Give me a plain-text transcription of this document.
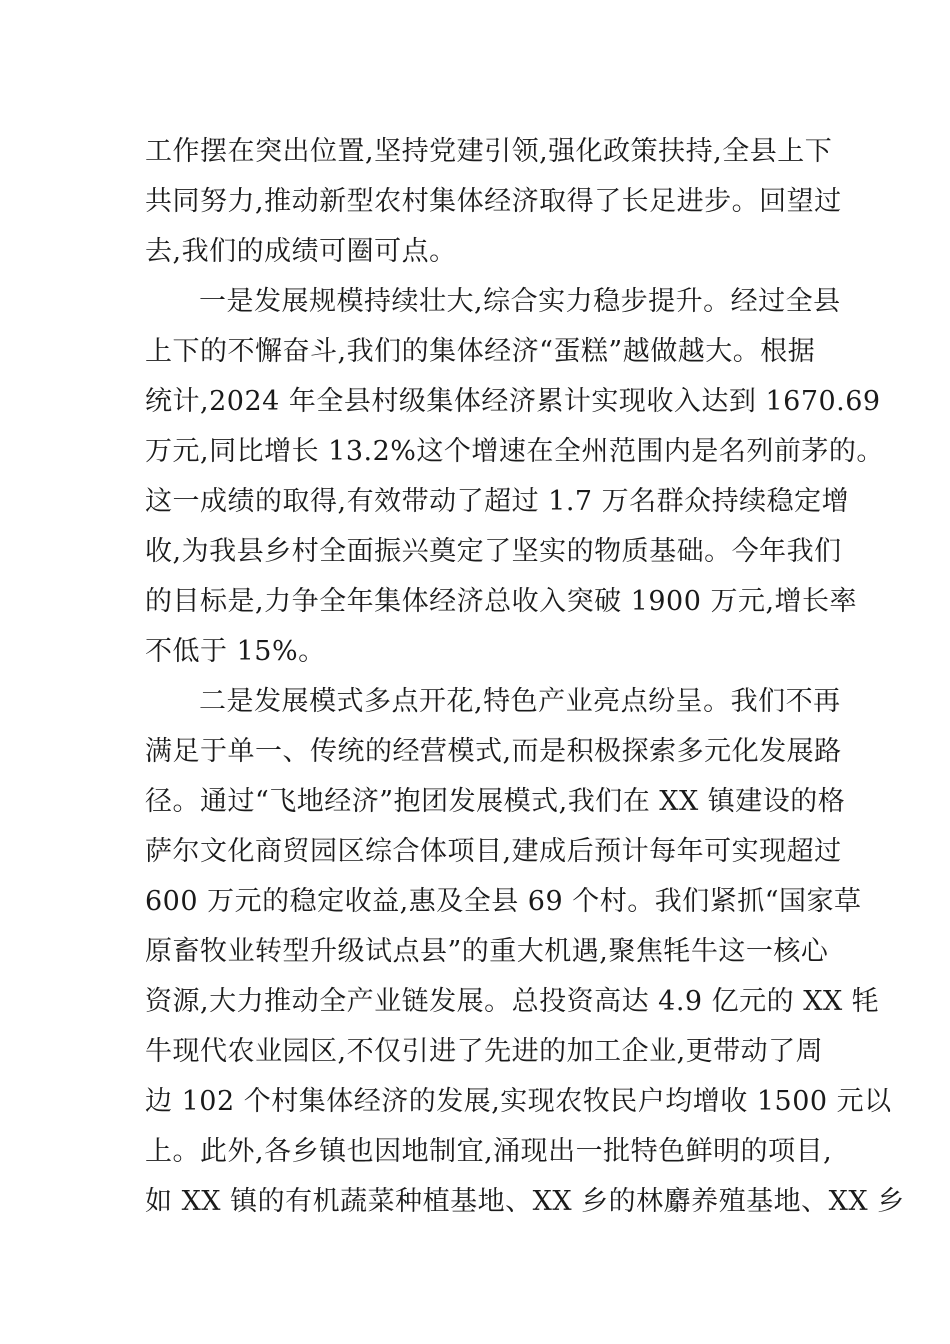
工作摆在突出位置,坚持党建引领,强化政策扶持,全县上下
共同努力,推动新型农村集体经济取得了长足进步。回望过
去,我们的成绩可圈可点。
一是发展规模持续壮大,综合实力稳步提升。经过全县
上下的不懈奋斗,我们的集体经济“蛋糕”越做越大。根据
统计,2024 年全县村级集体经济累计实现收入达到 1670.69
万元,同比增长 13.2%这个增速在全州范围内是名列前茅的。
这一成绩的取得,有效带动了超过 1.7 万名群众持续稳定增
收,为我县乡村全面振兴奠定了坚实的物质基础。今年我们
的目标是,力争全年集体经济总收入突破 1900 万元,增长率
不低于 15%。
二是发展模式多点开花,特色产业亮点纷呈。我们不再
满足于单一、传统的经营模式,而是积极探索多元化发展路
径。通过“飞地经济”抱团发展模式,我们在 XX 镇建设的格
萨尔文化商贸园区综合体项目,建成后预计每年可实现超过
600 万元的稳定收益,惠及全县 69 个村。我们紧抓“国家草
原畜牧业转型升级试点县”的重大机遇,聚焦牦牛这一核心
资源,大力推动全产业链发展。总投资高达 4.9 亿元的 XX 牦
牛现代农业园区,不仅引进了先进的加工企业,更带动了周
边 102 个村集体经济的发展,实现农牧民户均增收 1500 元以
上。此外,各乡镇也因地制宜,涌现出一批特色鲜明的项目,
如 XX 镇的有机蔬菜种植基地、XX 乡的林麝养殖基地、XX 乡
